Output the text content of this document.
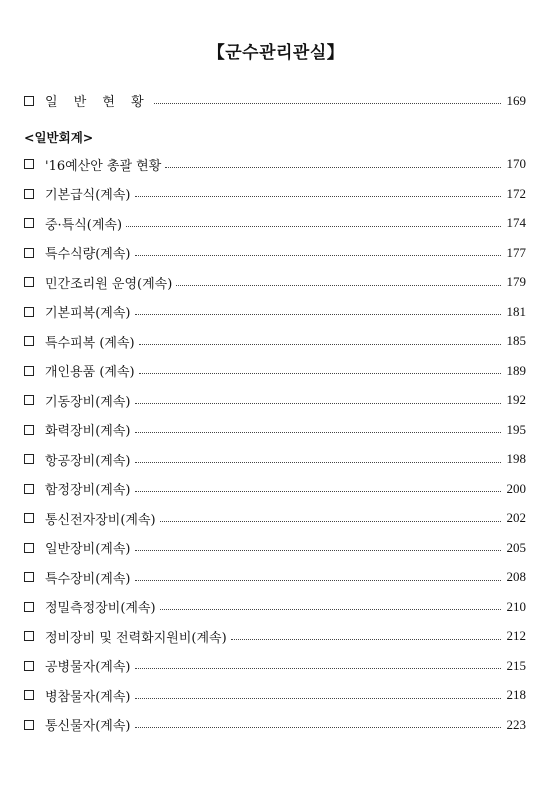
【군수관리관실】
일 반 현 황	169
<일반회계>
'16예산안 총괄 현황	170
기본급식(계속)	172
중·특식(계속)	174
특수식량(계속)	177
민간조리원 운영(계속)	179
기본피복(계속)	181
특수피복 (계속)	185
개인용품 (계속)	189
기동장비(계속)	192
화력장비(계속)	195
항공장비(계속)	198
함정장비(계속)	200
통신전자장비(계속)	202
일반장비(계속)	205
특수장비(계속)	208
정밀측정장비(계속)	210
정비장비 및 전력화지원비(계속)	212
공병물자(계속)	215
병참물자(계속)	218
통신물자(계속)	223
